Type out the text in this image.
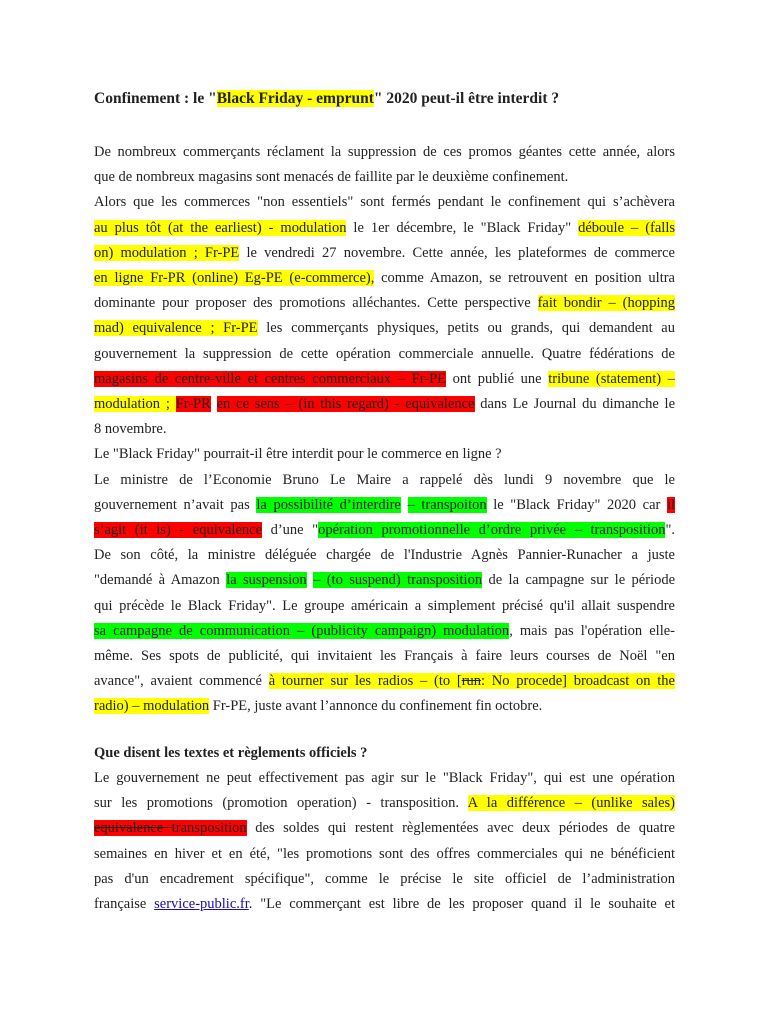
Confinement : le "Black Friday - emprunt" 2020 peut-il être interdit ?
De nombreux commerçants réclament la suppression de ces promos géantes cette année, alors
que de nombreux magasins sont menacés de faillite par le deuxième confinement.
Alors que les commerces "non essentiels" sont fermés pendant le confinement qui s’achèvera
au plus tôt (at the earliest) - modulation le 1er décembre, le "Black Friday" déboule – (falls
on) modulation ; Fr-PE le vendredi 27 novembre. Cette année, les plateformes de commerce
en ligne Fr-PR (online) Eg-PE (e-commerce), comme Amazon, se retrouvent en position ultra
dominante pour proposer des promotions alléchantes. Cette perspective fait bondir – (hopping
mad) equivalence ; Fr-PE les commerçants physiques, petits ou grands, qui demandent au
gouvernement la suppression de cette opération commerciale annuelle. Quatre fédérations de
magasins de centre-ville et centres commerciaux – Fr-PE ont publié une tribune (statement) –
modulation ; Fr-PR en ce sens – (in this regard) - equivalence dans Le Journal du dimanche le
8 novembre.
Le "Black Friday" pourrait-il être interdit pour le commerce en ligne ?
Le ministre de l’Economie Bruno Le Maire a rappelé dès lundi 9 novembre que le
gouvernement n’avait pas la possibilité d’interdire – transpoiton le "Black Friday" 2020 car il
s’agit (it is) - equivalence d’une "opération promotionnelle d’ordre privée – transposition".
De son côté, la ministre déléguée chargée de l'Industrie Agnès Pannier-Runacher a juste
"demandé à Amazon la suspension – (to suspend) transposition de la campagne sur le période
qui précède le Black Friday". Le groupe américain a simplement précisé qu'il allait suspendre
sa campagne de communication – (publicity campaign) modulation, mais pas l'opération elle-
même. Ses spots de publicité, qui invitaient les Français à faire leurs courses de Noël "en
avance", avaient commencé à tourner sur les radios – (to [run: No procede] broadcast on the
radio) – modulation Fr-PE, juste avant l’annonce du confinement fin octobre.
Que disent les textes et règlements officiels ?
Le gouvernement ne peut effectivement pas agir sur le "Black Friday", qui est une opération
sur les promotions (promotion operation) - transposition. A la différence – (unlike sales)
equivalence transposition des soldes qui restent règlementées avec deux périodes de quatre
semaines en hiver et en été, "les promotions sont des offres commerciales qui ne bénéficient
pas d'un encadrement spécifique", comme le précise le site officiel de l’administration
française service-public.fr. "Le commerçant est libre de les proposer quand il le souhaite et
